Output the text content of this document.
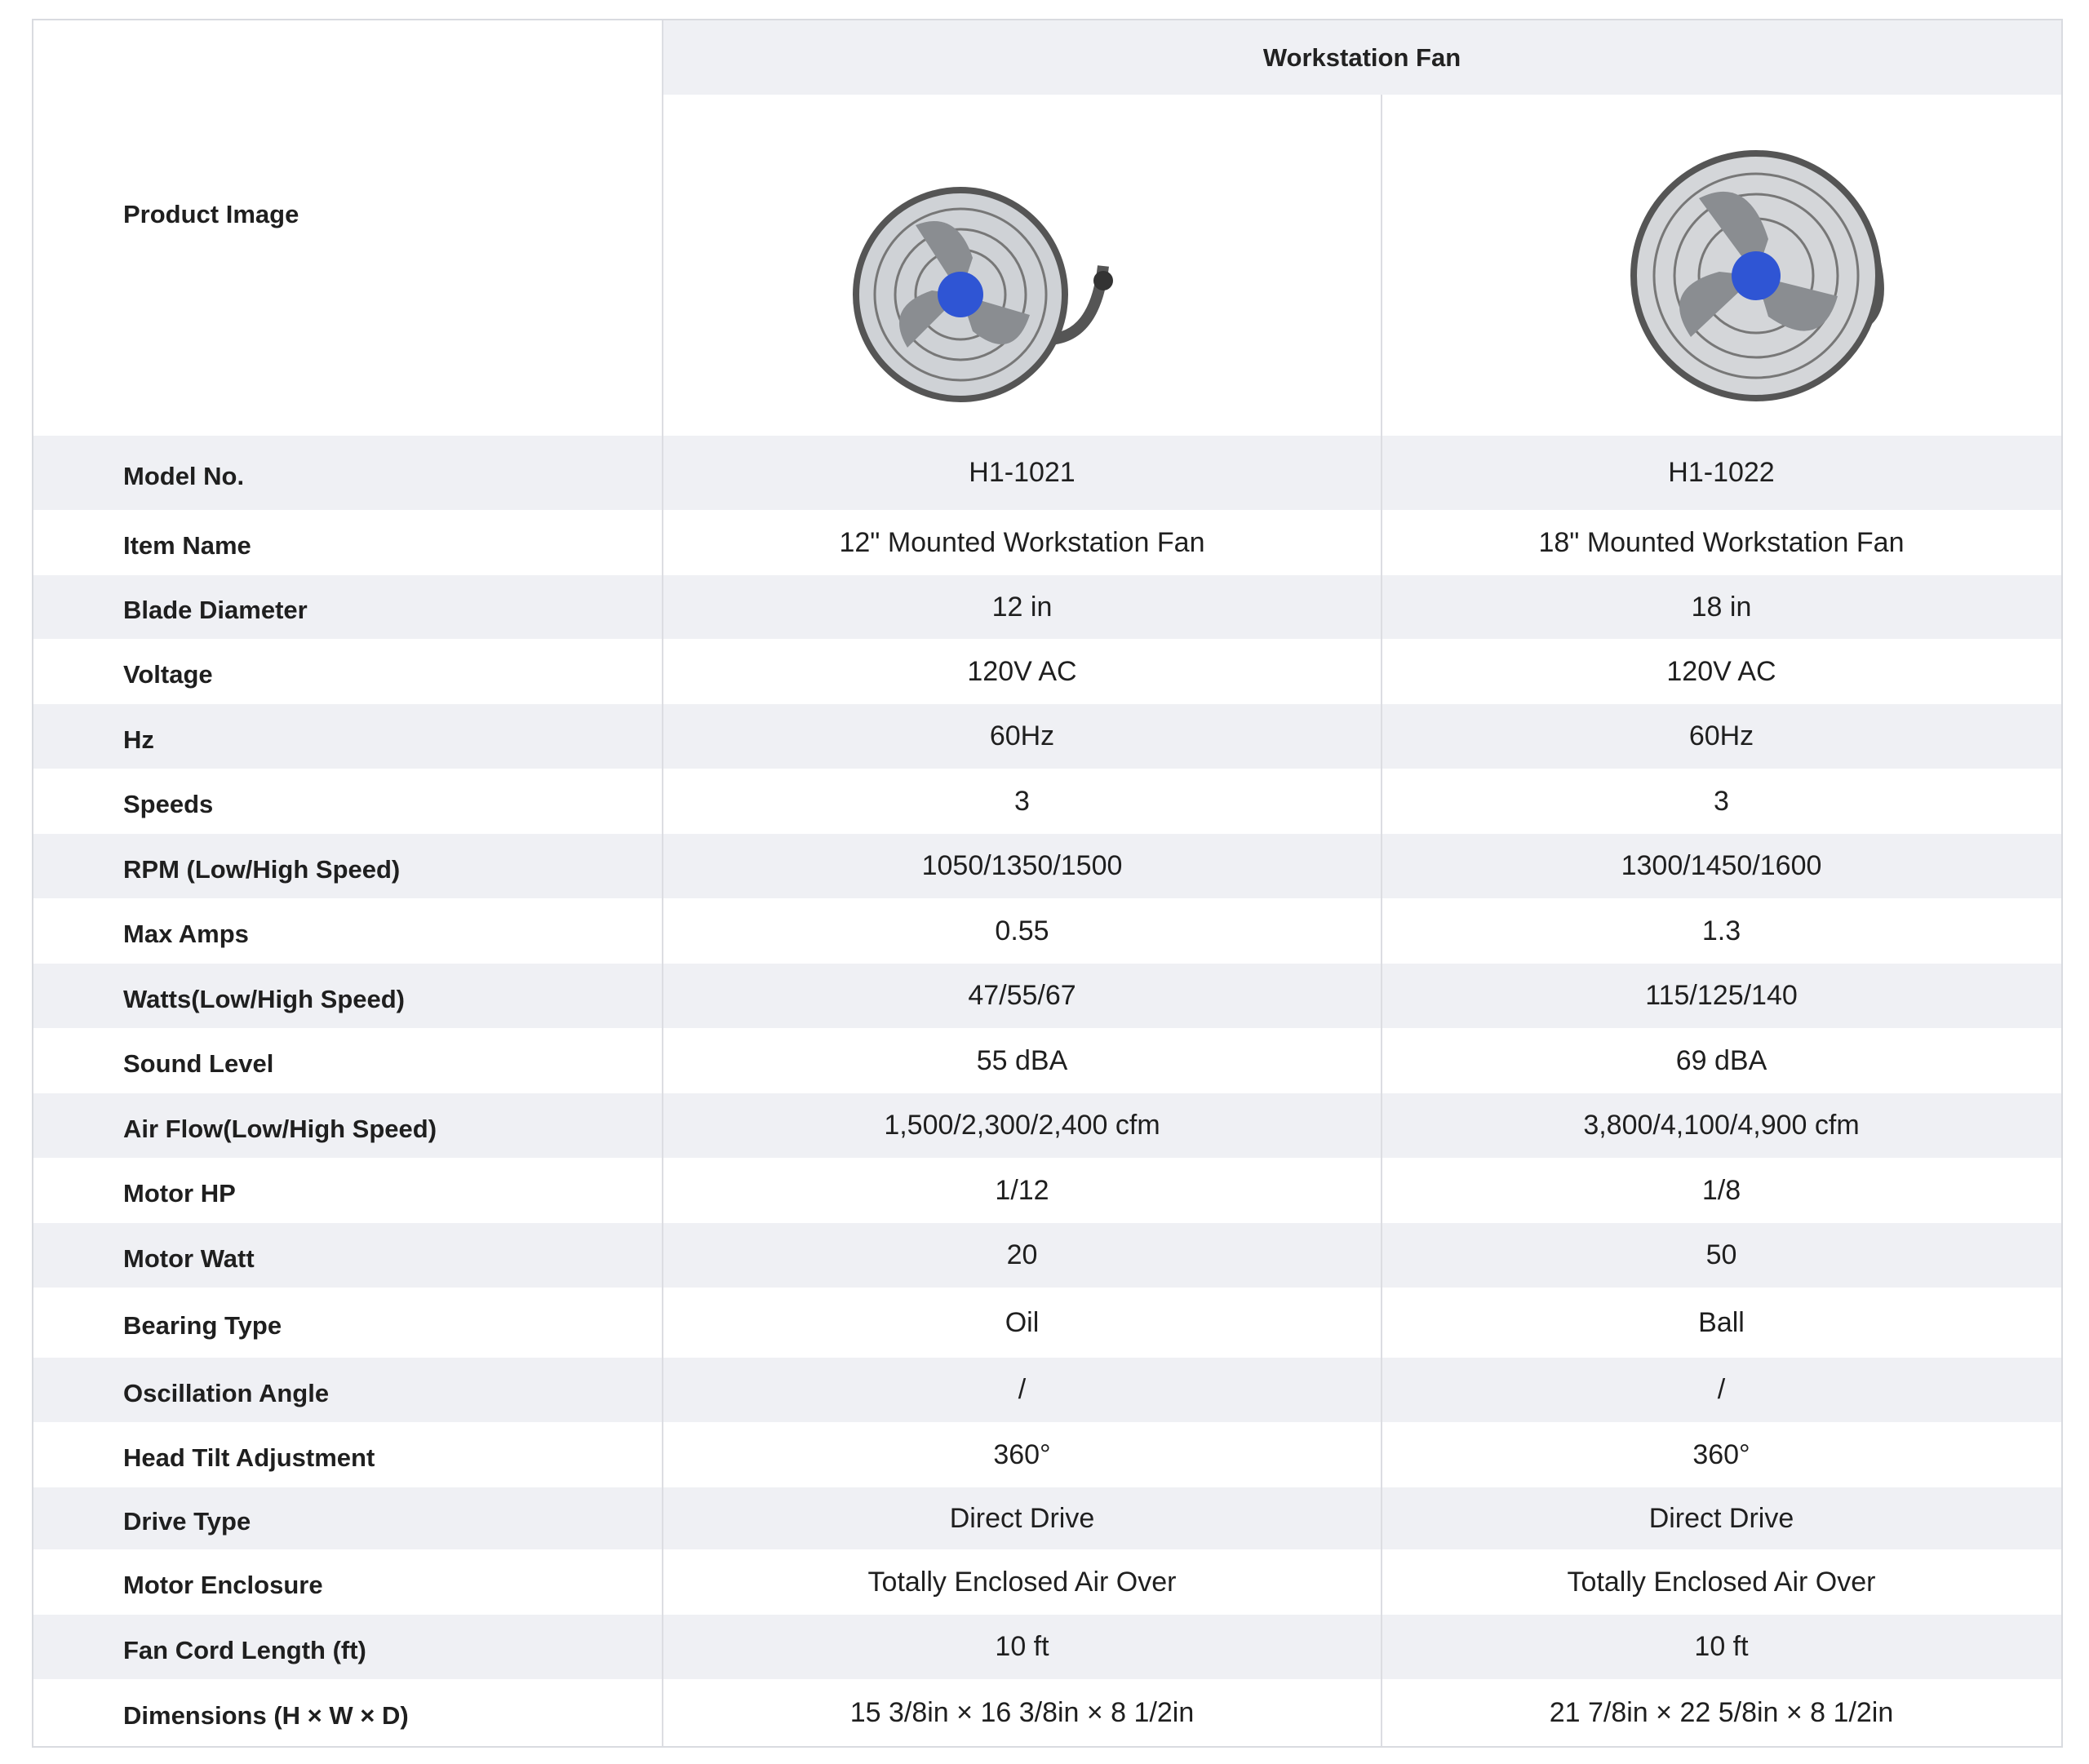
Product Image
Workstation Fan
Model No.	H1-1021	H1-1022
Item Name	12" Mounted Workstation Fan	18" Mounted Workstation Fan
Blade Diameter	12 in	18 in
Voltage	120V AC	120V AC
Hz	60Hz	60Hz
Speeds	3	3
RPM (Low/High Speed)	1050/1350/1500	1300/1450/1600
Max Amps	0.55	1.3
Watts(Low/High Speed)	47/55/67	115/125/140
Sound Level	55 dBA	69 dBA
Air Flow(Low/High Speed)	1,500/2,300/2,400 cfm	3,800/4,100/4,900 cfm
Motor HP	1/12	1/8
Motor Watt	20	50
Bearing Type	Oil	Ball
Oscillation Angle	/	/
Head Tilt Adjustment	360°	360°
Drive Type	Direct Drive	Direct Drive
Motor Enclosure	Totally Enclosed Air Over	Totally Enclosed Air Over
Fan Cord Length (ft)	10 ft	10 ft
Dimensions (H × W × D)	15 3/8in × 16 3/8in × 8 1/2in	21 7/8in × 22 5/8in × 8 1/2in
